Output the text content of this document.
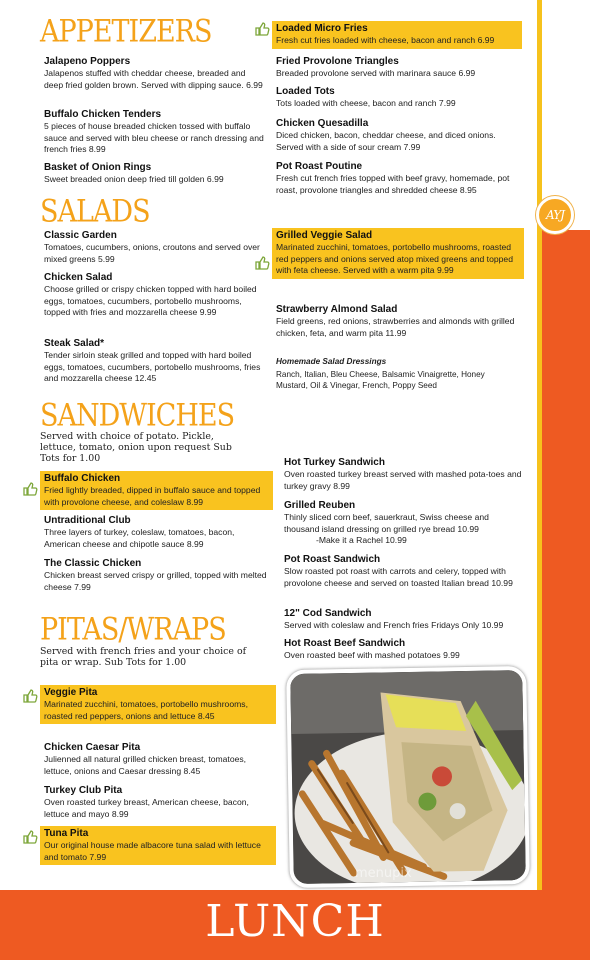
AYJ
APPETIZERS
Jalapeno Poppers
Jalapenos stuffed with cheddar cheese, breaded and deep fried golden brown. Served with dipping sauce. 6.99
Buffalo Chicken Tenders
5 pieces of house breaded chicken tossed with buffalo sauce and served with bleu cheese or ranch dressing and french fries 8.99
Basket of Onion Rings
Sweet breaded onion deep fried till golden 6.99
Loaded Micro Fries
Fresh cut fries loaded with cheese, bacon and ranch 6.99
Fried Provolone Triangles
Breaded provolone served with marinara sauce 6.99
Loaded Tots
Tots loaded with cheese, bacon and ranch 7.99
Chicken Quesadilla
Diced chicken, bacon, cheddar cheese, and diced onions. Served with a side of sour cream 7.99
Pot Roast Poutine
Fresh cut french fries topped with beef gravy, homemade, pot roast, provolone triangles and shredded cheese 8.95
SALADS
Classic Garden
Tomatoes, cucumbers, onions, croutons and served over mixed greens 5.99
Chicken Salad
Choose grilled or crispy chicken topped with hard boiled eggs, tomatoes, cucumbers, portobello mushrooms, topped with fries and mozzarella cheese 9.99
Steak Salad*
Tender sirloin steak grilled and topped with hard boiled eggs, tomatoes, cucumbers, portobello mushrooms, fries and mozzarella cheese 12.45
Grilled Veggie Salad
Marinated zucchini, tomatoes, portobello mushrooms, roasted red peppers and onions served atop mixed greens and topped with feta cheese. Served with a warm pita 9.99
Strawberry Almond Salad
Field greens, red onions, strawberries and almonds with grilled chicken, feta, and warm pita 11.99
Homemade Salad Dressings
Ranch, Italian, Bleu Cheese, Balsamic Vinaigrette, Honey Mustard, Oil & Vinegar, French, Poppy Seed
SANDWICHES
Served with choice of potato. Pickle, lettuce, tomato, onion upon request Sub Tots for 1.00
Buffalo Chicken
Fried lightly breaded, dipped in buffalo sauce and topped with provolone cheese, and coleslaw 8.99
Untraditional Club
Three layers of turkey, coleslaw, tomatoes, bacon, American cheese and chipotle sauce 8.99
The Classic Chicken
Chicken breast served crispy or grilled, topped with melted cheese 7.99
Hot Turkey Sandwich
Oven roasted turkey breast served with mashed pota-toes and turkey gravy 8.99
Grilled Reuben
Thinly sliced corn beef, sauerkraut, Swiss cheese and thousand island dressing on grilled rye bread 10.99
-Make it a Rachel 10.99
Pot Roast Sandwich
Slow roasted pot roast with carrots and celery, topped with provolone cheese and served on toasted Italian bread 10.99
12" Cod Sandwich
Served with coleslaw and French fries Fridays Only 10.99
Hot Roast Beef Sandwich
Oven roasted beef with mashed potatoes 9.99
PITAS/WRAPS
Served with french fries and your choice of pita or wrap. Sub Tots for 1.00
Veggie Pita
Marinated zucchini, tomatoes, portobello mushrooms, roasted red peppers, onions and lettuce 8.45
Chicken Caesar Pita
Julienned all natural grilled chicken breast, tomatoes, lettuce, onions and Caesar dressing 8.45
Turkey Club Pita
Oven roasted turkey breast, American cheese, bacon, lettuce and mayo 8.99
Tuna Pita
Our original house made albacore tuna salad with lettuce and tomato 7.99
menupix
LUNCH
